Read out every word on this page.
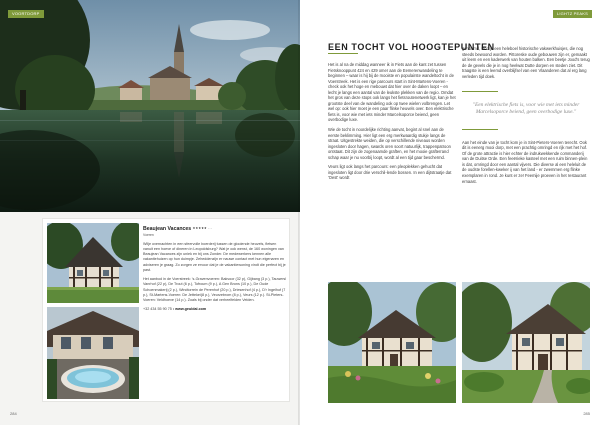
VOORTDORP
Beaujean Vacances ★★★★★ · ·
Voeren

Wilje overnachten in een sfeervolle boerderij tussen de glooiende heuvels, fietsen vanuit een hoeve of dineren in Leopoldsburg? Wat je ook wenst, de 160 woningen van Beaujean Vacances zijn uniek en bij ons Zonder. De medewerkers kennen alle vakantiehuizen op hun duimpje. Zeheddenzijn er nauwe contact met hun eigenaren en adviseren je graag. Zo zorgen ze ervoor dat je de vakantiewoning vindt die perfect bij je past.

Het aanbod in de Voerstreek: 's-Gravenvoeren: Bakvoor (32 p), Gijbang (3 p.), Tauwersl Vanrhof (22 p), De Trout (6 p.), Tofroum (9 p.), A Gen Brons (10 p.), De Oude Schoenmakerij (2 p.), Windtorrein de Perenhof (20 p.), Driesenhof (4 p.), D'r Ingelhof (7 p.), St-Martens-Voeren: De Jettekei(8 p.), Veurzebrom (8 p.), Veurs (12 p.). St-Pieters-Voeren: Veldhoeve (14 p.). Zoals bij onder dat verheelfelden Velden.

+32 434 55 90 75 • www.geuldal.com

284
LIGHTZ PEAKS
EEN TOCHT VOL HOOGTEPUNTEN

Het is al na de middag wanneer ik in Fiets aan de kant zet tussen Fietsknooppunt 424 en 429 omer aan de Eemerenwandeling te beginnen – waar is hij bij de mooiste en populairste wandeltocht in de Voerstreek. Het is een rige parcours start in Sint-Martens-Voeren - check ook het hoge en mebouwt dat hier over de daken loopt – en lecht je langs een aantal van de leukste plekken van de regio. Omdat het gros van deze stops ook langs het fietsroutenetwerk ligt, kan je het grootste deel van de wandeling ook op twee wielen volbrengen. Let wel op: ook hier moet je een paar flinke heuvels over. Een elektrische fiets is, voor wie met iets minder Marcelsoporce beiend, geen overbodige luxe.

Wie de tocht in noordelijke richting aanvat, begint al snel aan de eerste beklimming. Hier ligt een erg merkwaardig stukje langs de straat. Uitgestrekte weiden, die op verschillende niveaus worden ingesloten door hagen, swards oren soort natuurlijk, trappenpatroon ontstaat. Dit zijn de zogenaamde graften, en het mooie grafterrand schap waar je nu voorbij loopt, wordt al een tijd gaar beschermd.

Veurs ligt ook langs het parcours: een pleoplekken gehucht dat ingesloten ligt door drie verschil-lende bossen. In een dijtstraatje dat 'Oest' wordt

genoemd, vind je een heleboel historische vakwerkhuisjes, die nog steeds bewoond worden. Pittoreske oude gebouwen zijn er, gemaakt uit leem en een kaderwerk van houten balken. Een beetje Jood's terug de de gevels die je in nog heelwat Dutte dorpen en steden ziet. Dit traagste is een leemd overblijfsel van een Vlaanderen dat al erg lang verleden tijd doek.

"Een elektrische fiets is, voor wie met iets minder Marcelsoporce beiend, geen overbodige luxe."

Aan het einde van je tocht kom je in Sint-Pieters-Voeren terecht. Ook dit is eenerg mooi dorp, met een prachtig omringd en rijk met het hof. Of de grote attractie is hier echter de indrukwekkende commanderij van de Duitse Orde. Een feeërieke kasteel met een ruim binnen-plein is dat, omringd door een aantal vijvers. Die diverse al een heleluit de de oudste forellen-kweker ij van het land - er zwemmen erg flinke exemplaren in rond. Je kunt er ze! Feemije proeven in het restaurant ernaast.

285
